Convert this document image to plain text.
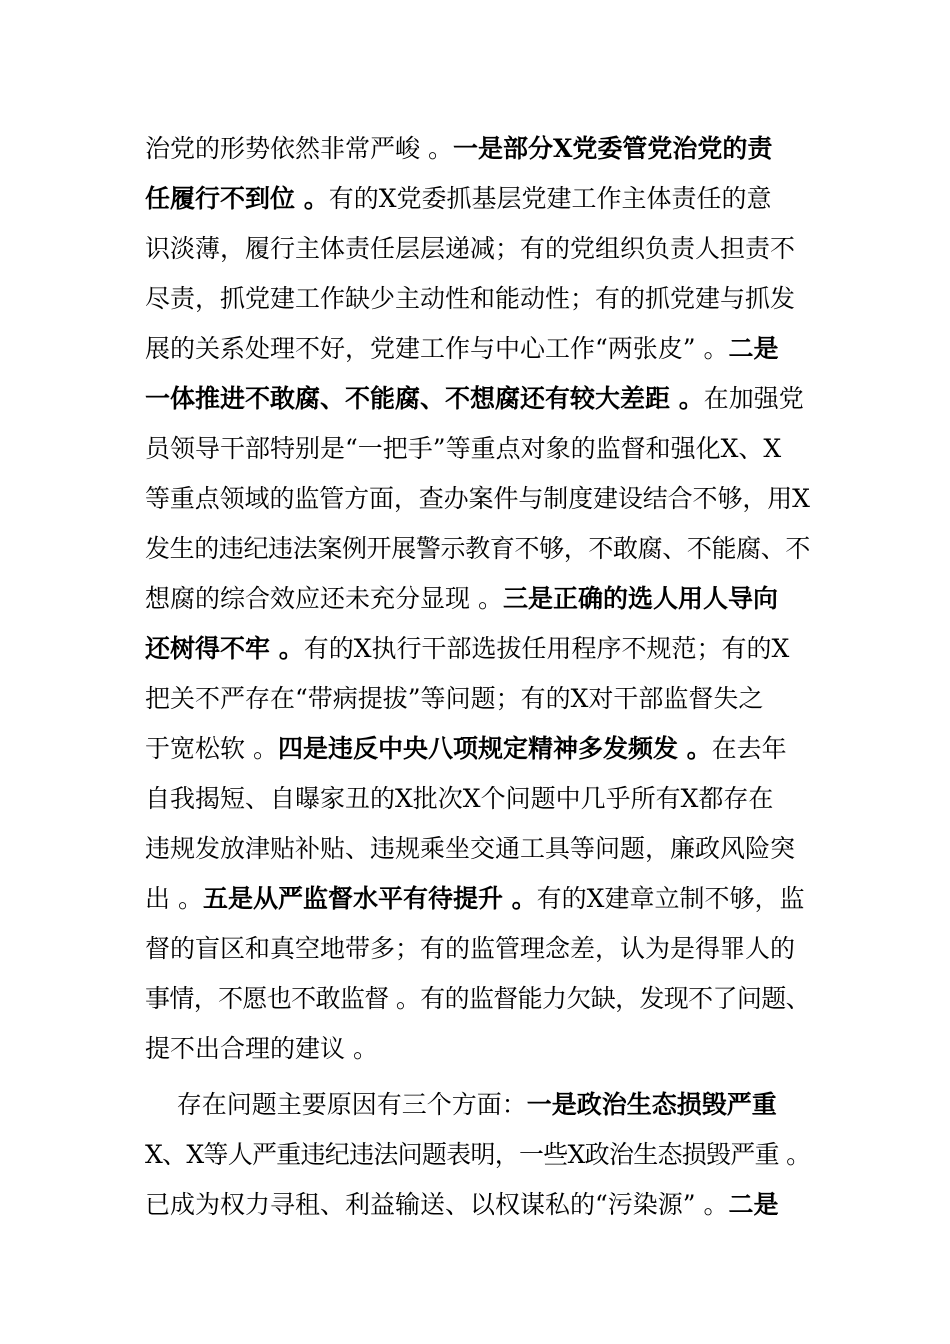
治党的形势依然非常严峻 。一是部分X党委管党治党的责
任履行不到位 。有的X党委抓基层党建工作主体责任的意
识淡薄，履行主体责任层层递减；有的党组织负责人担责不
尽责，抓党建工作缺少主动性和能动性；有的抓党建与抓发
展的关系处理不好，党建工作与中心工作“两张皮” 。二是
一体推进不敢腐、不能腐、不想腐还有较大差距 。在加强党
员领导干部特别是“一把手”等重点对象的监督和强化X、X
等重点领域的监管方面，查办案件与制度建设结合不够，用X
发生的违纪违法案例开展警示教育不够，不敢腐、不能腐、不
想腐的综合效应还未充分显现 。三是正确的选人用人导向
还树得不牢 。有的X执行干部选拔任用程序不规范；有的X
把关不严存在“带病提拔”等问题；有的X对干部监督失之
于宽松软 。四是违反中央八项规定精神多发频发 。在去年
自我揭短、自曝家丑的X批次X个问题中几乎所有X都存在
违规发放津贴补贴、违规乘坐交通工具等问题，廉政风险突
出 。五是从严监督水平有待提升 。有的X建章立制不够，监
督的盲区和真空地带多；有的监管理念差，认为是得罪人的
事情，不愿也不敢监督 。有的监督能力欠缺，发现不了问题、
提不出合理的建议 。
存在问题主要原因有三个方面：一是政治生态损毁严重
X、X等人严重违纪违法问题表明，一些X政治生态损毁严重 。
已成为权力寻租、利益输送、以权谋私的“污染源” 。二是
